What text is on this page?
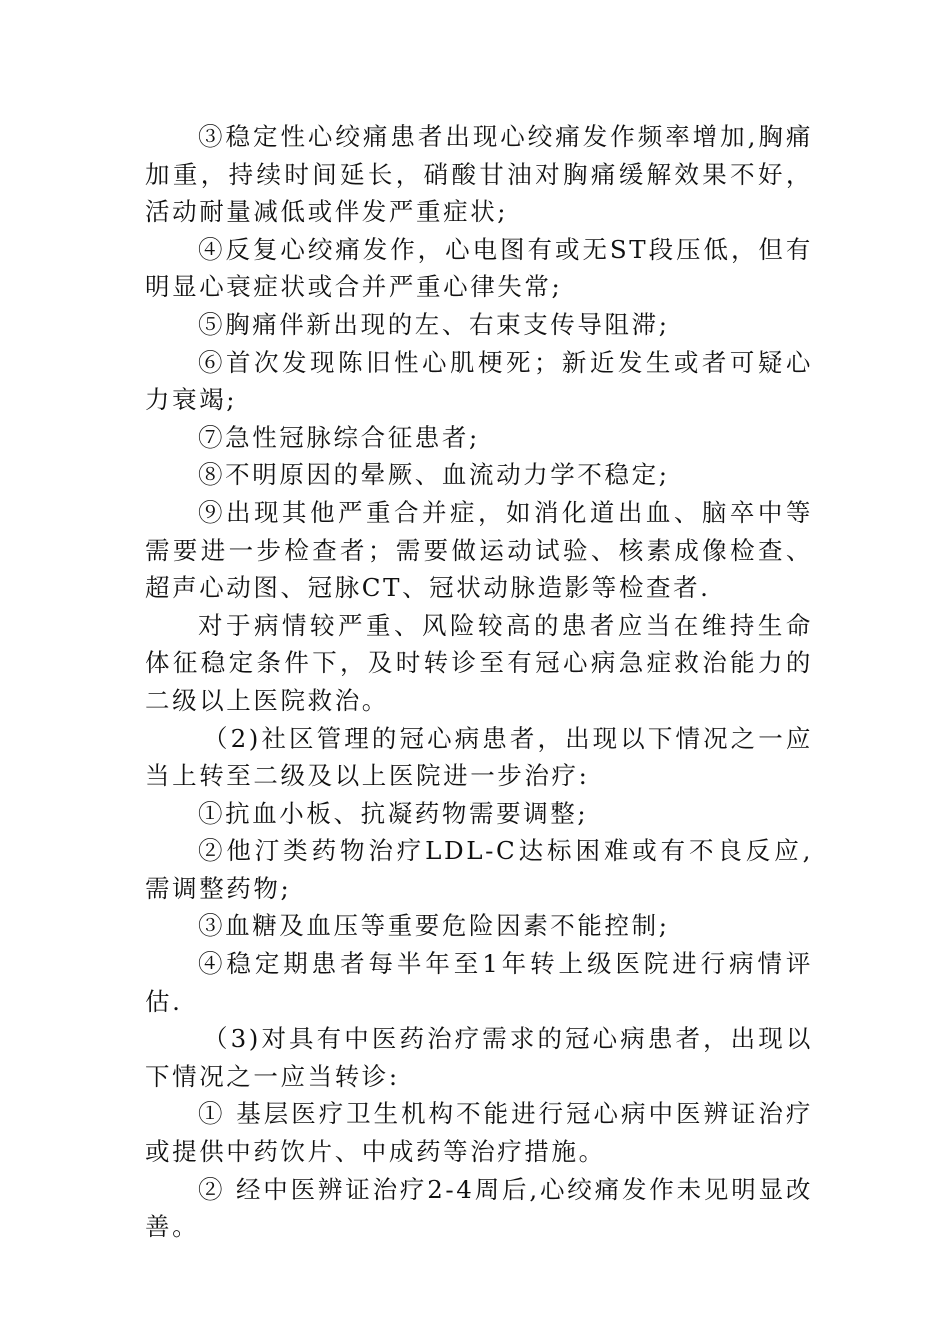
③稳定性心绞痛患者出现心绞痛发作频率增加,胸痛加重，持续时间延长，硝酸甘油对胸痛缓解效果不好，活动耐量减低或伴发严重症状;

④反复心绞痛发作，心电图有或无ST段压低，但有明显心衰症状或合并严重心律失常;

⑤胸痛伴新出现的左、右束支传导阻滞;

⑥首次发现陈旧性心肌梗死；新近发生或者可疑心力衰竭;

⑦急性冠脉综合征患者;

⑧不明原因的晕厥、血流动力学不稳定;

⑨出现其他严重合并症，如消化道出血、脑卒中等需要进一步检查者；需要做运动试验、核素成像检查、超声心动图、冠脉CT、冠状动脉造影等检查者.

对于病情较严重、风险较高的患者应当在维持生命体征稳定条件下，及时转诊至有冠心病急症救治能力的二级以上医院救治。

（2)社区管理的冠心病患者，出现以下情况之一应当上转至二级及以上医院进一步治疗:

①抗血小板、抗凝药物需要调整;

②他汀类药物治疗LDL-C达标困难或有不良反应,需调整药物;

③血糖及血压等重要危险因素不能控制;

④稳定期患者每半年至1年转上级医院进行病情评估.

（3)对具有中医药治疗需求的冠心病患者，出现以下情况之一应当转诊:

① 基层医疗卫生机构不能进行冠心病中医辨证治疗或提供中药饮片、中成药等治疗措施。

② 经中医辨证治疗2-4周后,心绞痛发作未见明显改善。
